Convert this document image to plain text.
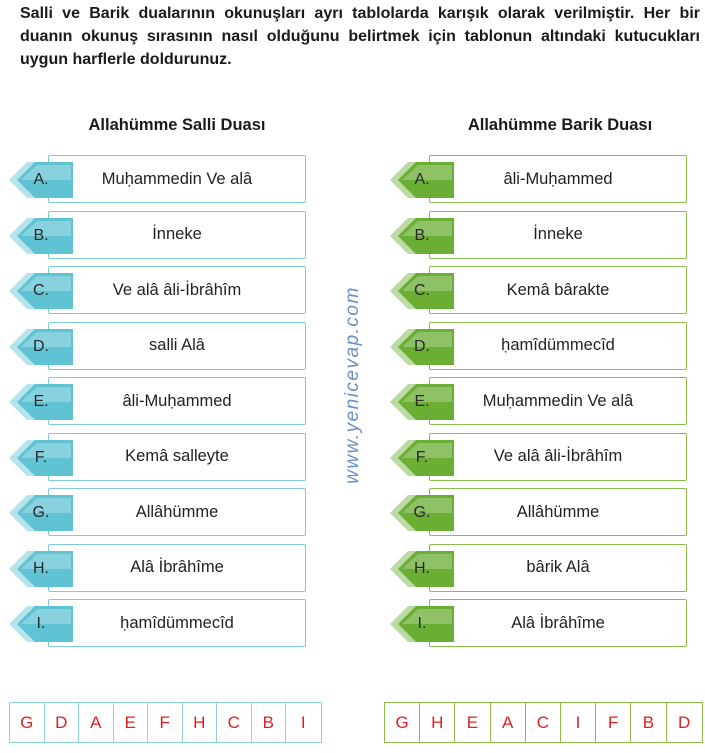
Salli ve Barik dualarının okunuşları ayrı tablolarda karışık olarak verilmiştir. Her bir duanın okunuş sırasının nasıl olduğunu belirtmek için tablonun altındaki kutucukları uygun harflerle doldurunuz.

Allahümme Salli Duası	Allahümme Barik Duası
Muḥammedin Ve alâ
A.
İnneke
B.
Ve alâ âli-İbrâhîm
C.
salli Alâ
D.
âli-Muḥammed
E.
Kemâ salleyte
F.
Allâhümme
G.
Alâ İbrâhîme
H.
ḥamîdümmecîd
I.
âli-Muḥammed
A.
İnneke
B.
Kemâ bârakte
C.
ḥamîdümmecîd
D.
Muḥammedin Ve alâ
E.
Ve alâ âli-İbrâhîm
F.
Allâhümme
G.
bârik Alâ
H.
Alâ İbrâhîme
I.
www.yenicevap.com
G	D	A	E	F	H	C	B	I	G	H	E	A	C	I	F	B	D
